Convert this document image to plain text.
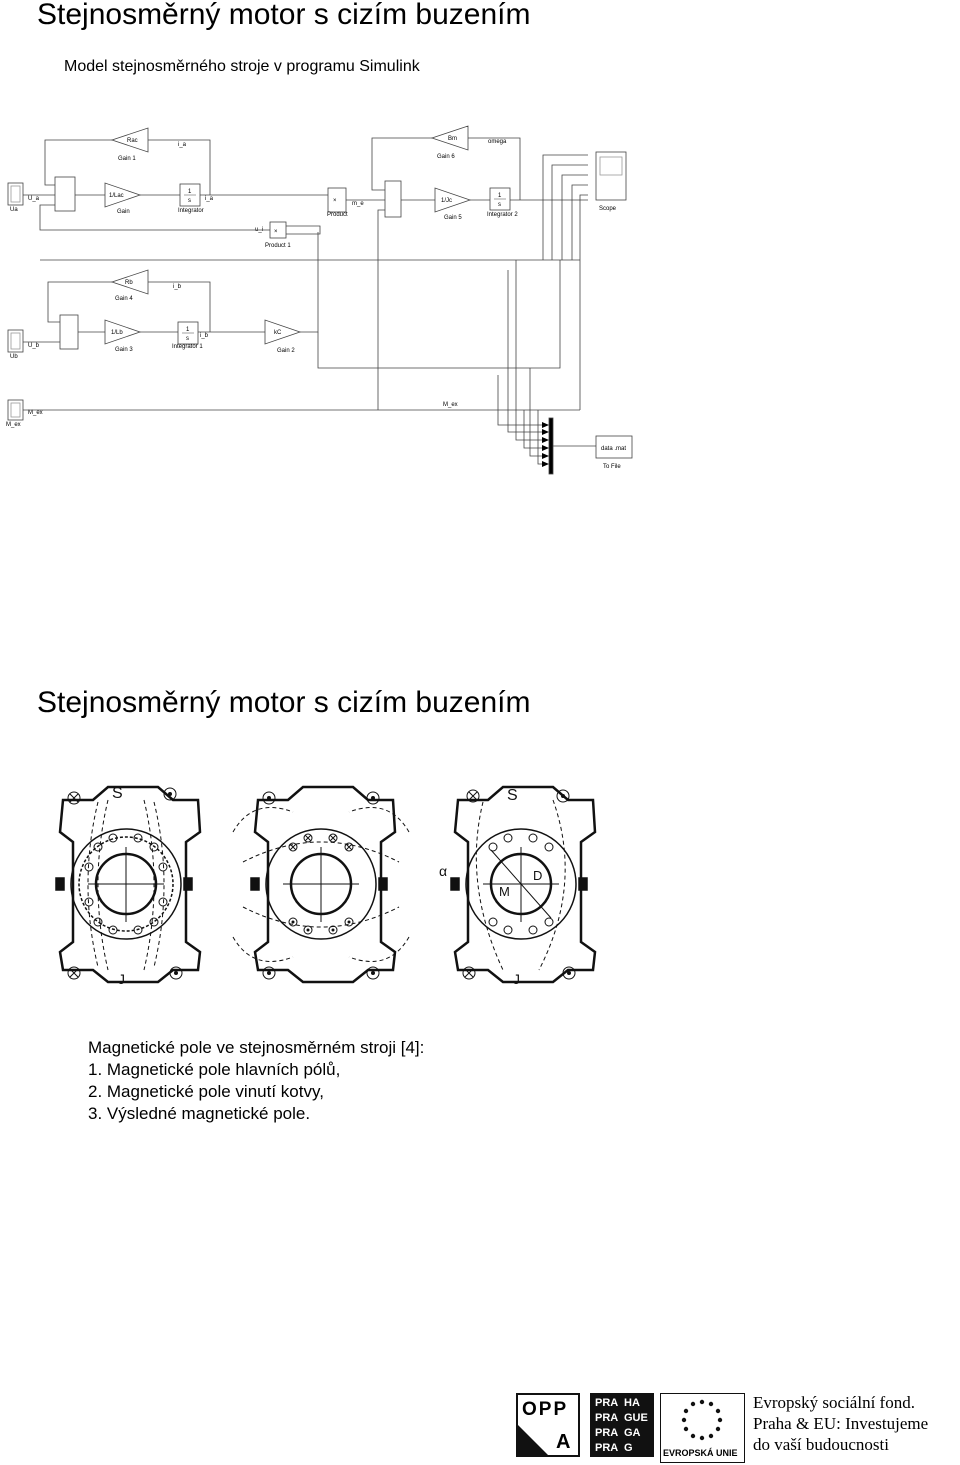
Stejnosměrný motor s cizím buzením
Model stejnosměrného stroje v programu Simulink
Ua
U_a	1/Lac
Gain
1
s
Integrator
i_a
Rac
Gain 1
i_a
×
u_i
Product 1
×
Product
m_e	1/Jc
Gain 5
1
s
Integrator 2
Bm
Gain 6
omega
Scope
Ub
U_b
1/Lb
Gain 3
1
s
Integrator 1
i_b	kC
Gain 2
Rb
Gain 4
i_b
M_ex
M_ex
M_ex
data .mat
To File
Stejnosměrný motor s cizím buzením
S
J
S
J
α	D
M
Magnetické pole ve stejnosměrném stroji [4]:
1. Magnetické pole hlavních pólů,
2. Magnetické pole vinutí kotvy,
3. Výsledné magnetické pole.
OPP
A
PRA HA
PRA GUE
PRA GA
PRA G	EVROPSKÁ UNIE
Evropský sociální fond.
Praha & EU: Investujeme
do vaší budoucnosti
